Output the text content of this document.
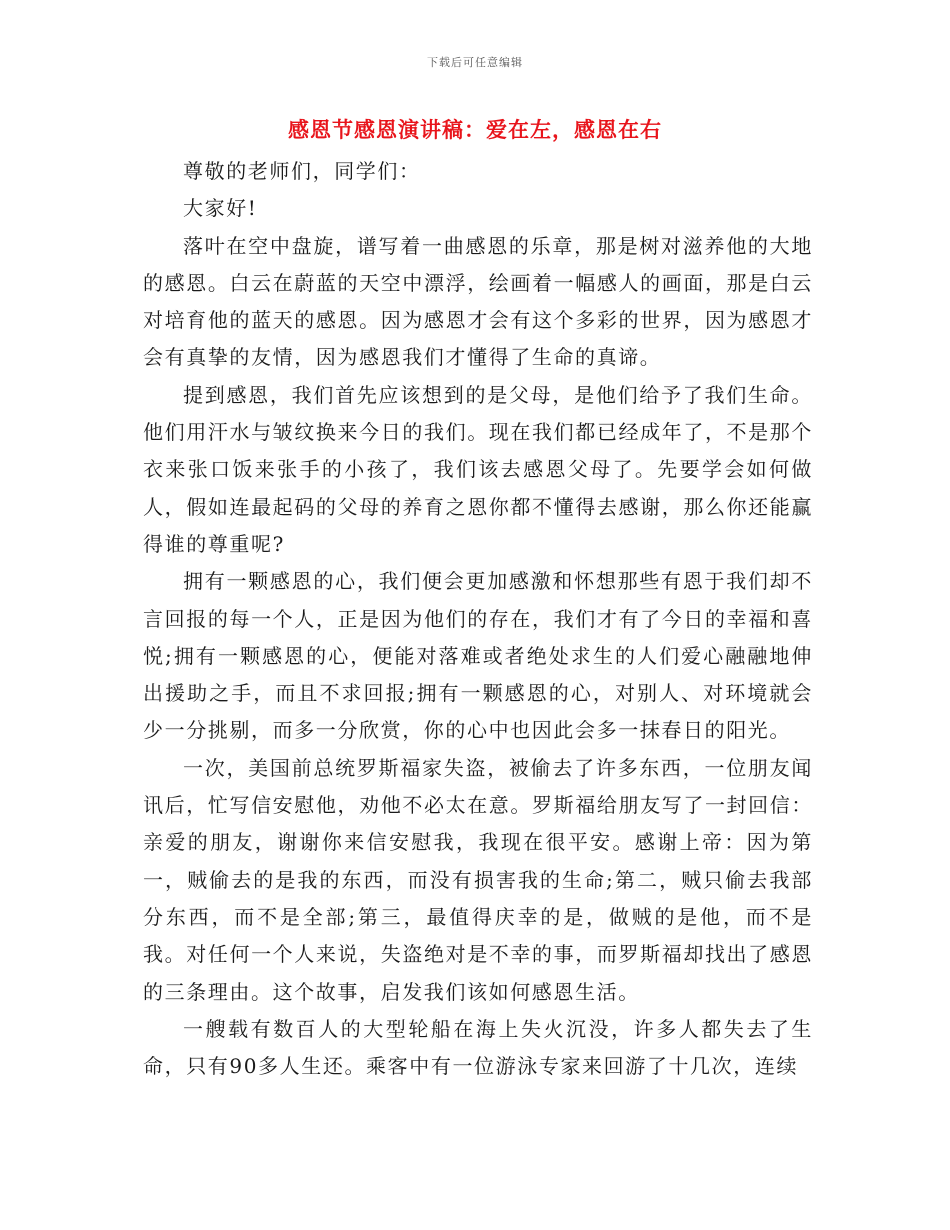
下载后可任意编辑
感恩节感恩演讲稿：爱在左，感恩在右

尊敬的老师们，同学们：

大家好!

落叶在空中盘旋，谱写着一曲感恩的乐章，那是树对滋养他的大地的感恩。白云在蔚蓝的天空中漂浮，绘画着一幅感人的画面，那是白云对培育他的蓝天的感恩。因为感恩才会有这个多彩的世界，因为感恩才会有真挚的友情，因为感恩我们才懂得了生命的真谛。

提到感恩，我们首先应该想到的是父母，是他们给予了我们生命。他们用汗水与皱纹换来今日的我们。现在我们都已经成年了，不是那个衣来张口饭来张手的小孩了，我们该去感恩父母了。先要学会如何做人，假如连最起码的父母的养育之恩你都不懂得去感谢，那么你还能赢得谁的尊重呢?

拥有一颗感恩的心，我们便会更加感激和怀想那些有恩于我们却不言回报的每一个人，正是因为他们的存在，我们才有了今日的幸福和喜悦;拥有一颗感恩的心，便能对落难或者绝处求生的人们爱心融融地伸出援助之手，而且不求回报;拥有一颗感恩的心，对别人、对环境就会少一分挑剔，而多一分欣赏，你的心中也因此会多一抹春日的阳光。

一次，美国前总统罗斯福家失盗，被偷去了许多东西，一位朋友闻讯后，忙写信安慰他，劝他不必太在意。罗斯福给朋友写了一封回信：亲爱的朋友，谢谢你来信安慰我，我现在很平安。感谢上帝：因为第一，贼偷去的是我的东西，而没有损害我的生命;第二，贼只偷去我部分东西，而不是全部;第三，最值得庆幸的是，做贼的是他，而不是我。对任何一个人来说，失盗绝对是不幸的事，而罗斯福却找出了感恩的三条理由。这个故事，启发我们该如何感恩生活。

一艘载有数百人的大型轮船在海上失火沉没，许多人都失去了生命，只有90多人生还。乘客中有一位游泳专家来回游了十几次，连续
